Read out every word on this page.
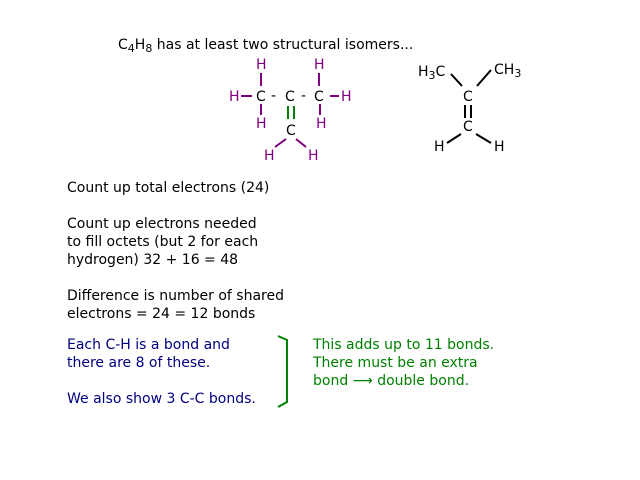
$C_4H_8$ has at least two structural isomers...
H	H
H	H
H	H
H H
C C C
C
- -
$H_3C$	$CH_3$
C
C
H	H
Count up total electrons (24)
Count up electrons needed
to fill octets (but 2 for each
hydrogen) 32 + 16 = 48
Difference is number of shared
electrons = 24 = 12 bonds
Each C-H is a bond and
there are 8 of these.
We also show 3 C-C bonds.
This adds up to 11 bonds.
There must be an extra
bond ⟶ double bond.
